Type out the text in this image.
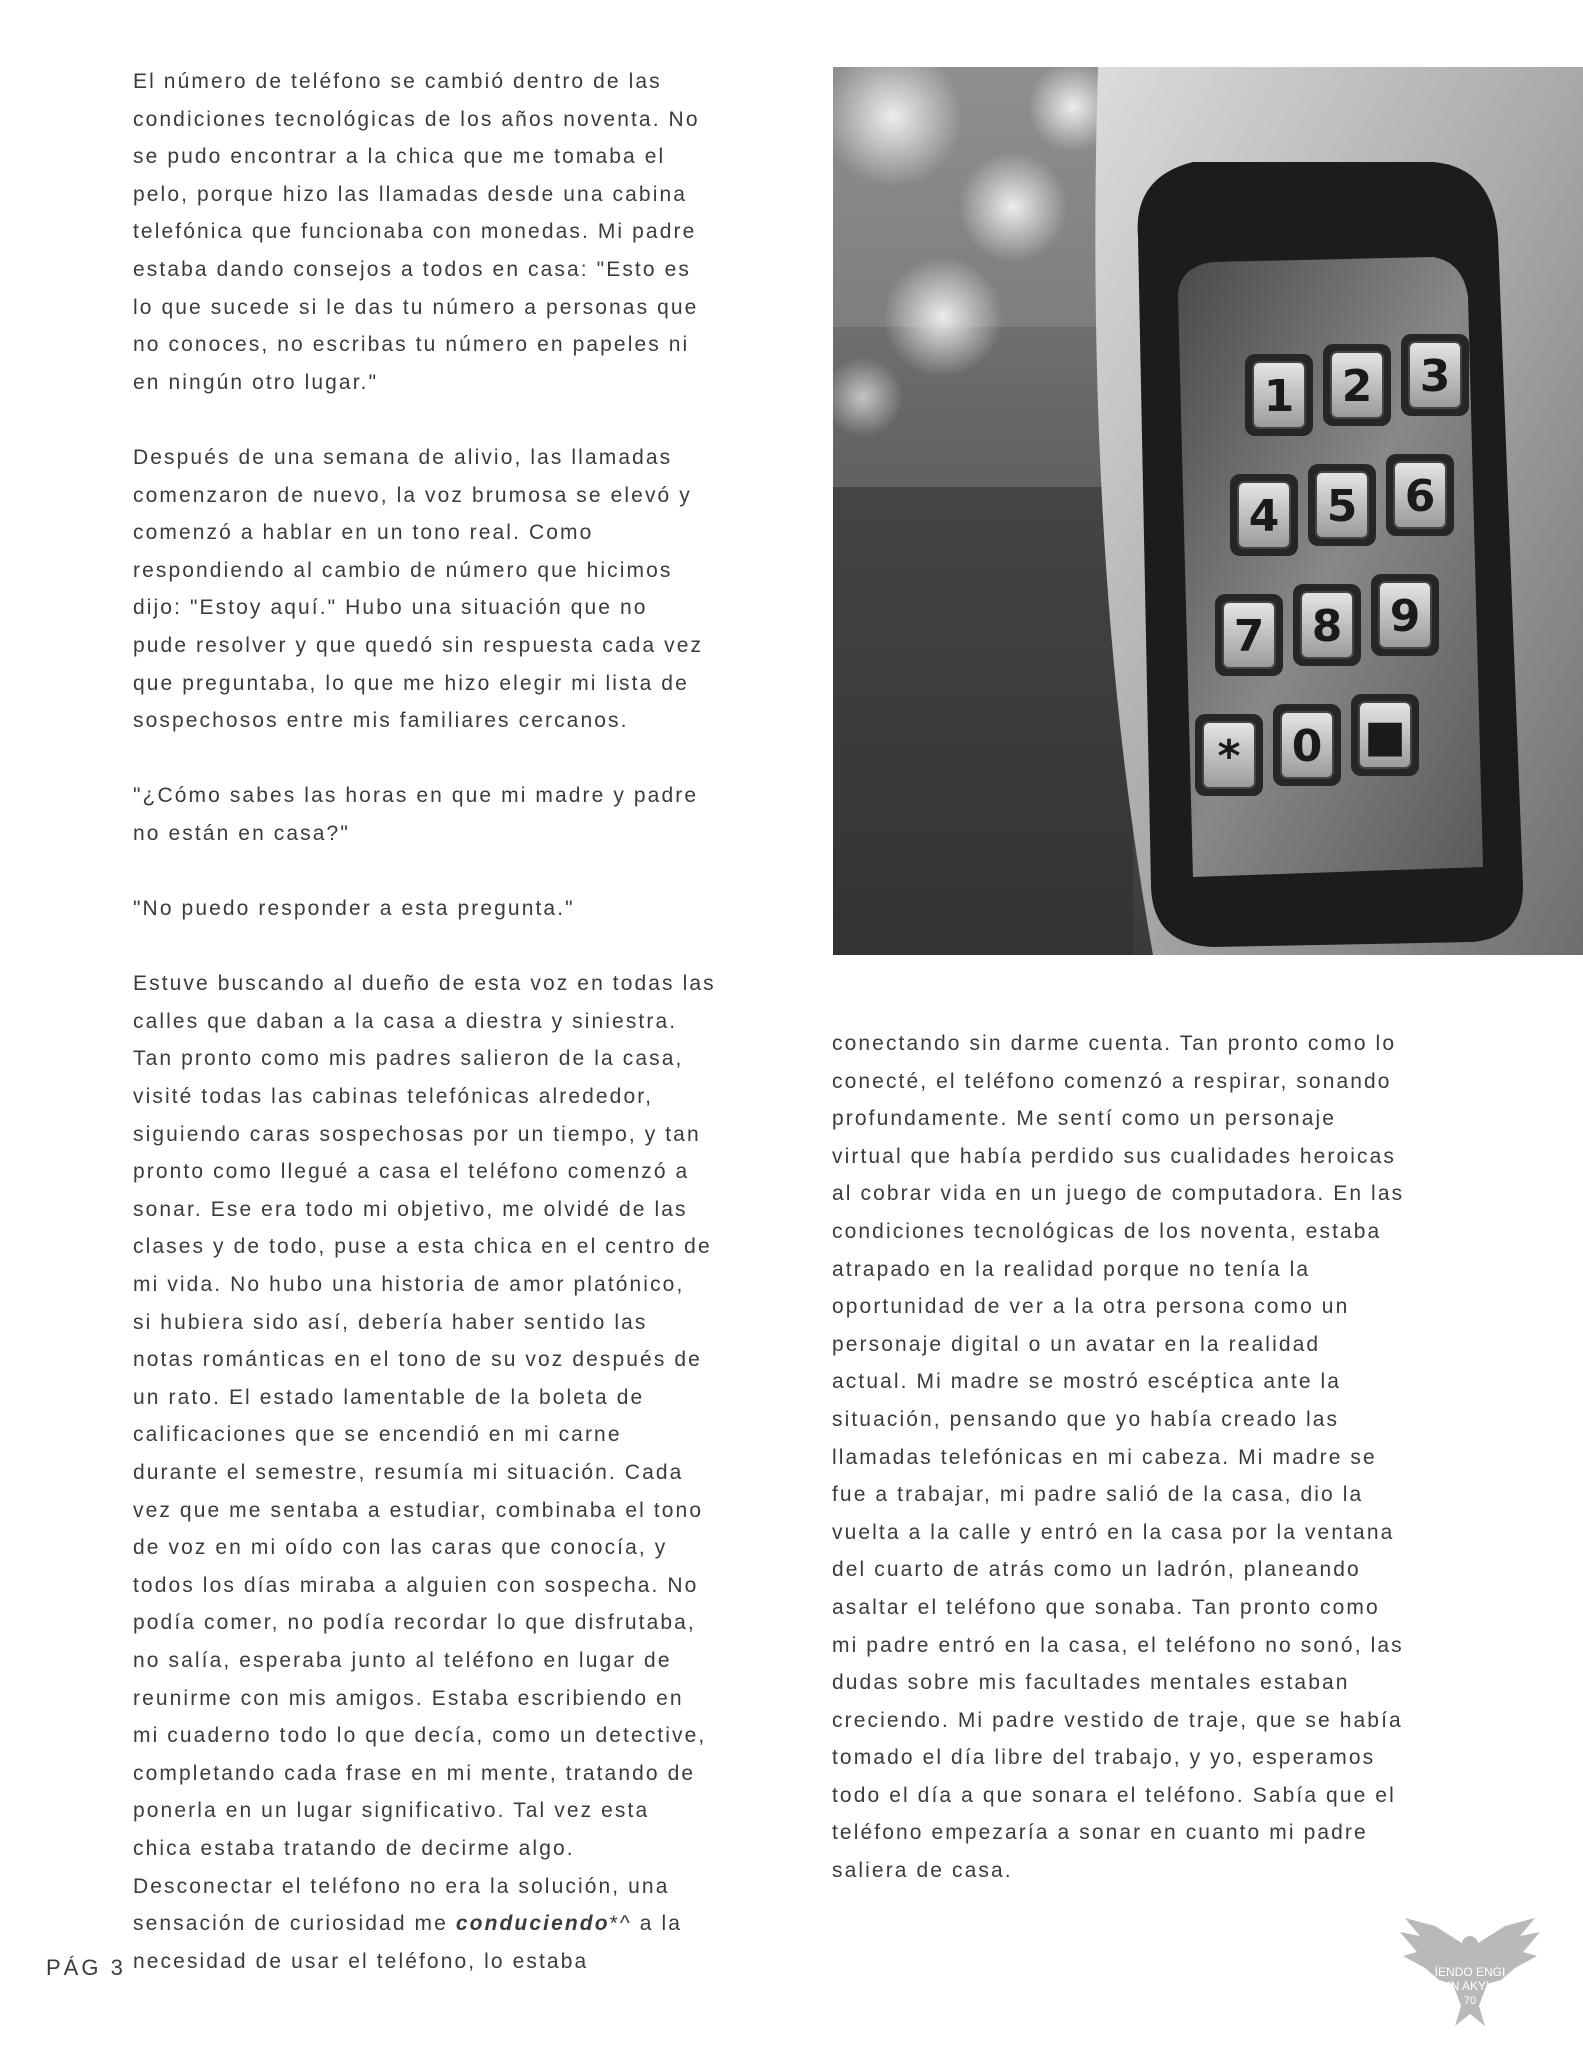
El número de teléfono se cambió dentro de las
condiciones tecnológicas de los años noventa. No
se pudo encontrar a la chica que me tomaba el
pelo, porque hizo las llamadas desde una cabina
telefónica que funcionaba con monedas. Mi padre
estaba dando consejos a todos en casa: "Esto es
lo que sucede si le das tu número a personas que
no conoces, no escribas tu número en papeles ni
en ningún otro lugar."

Después de una semana de alivio, las llamadas
comenzaron de nuevo, la voz brumosa se elevó y
comenzó a hablar en un tono real. Como
respondiendo al cambio de número que hicimos
dijo: "Estoy aquí." Hubo una situación que no
pude resolver y que quedó sin respuesta cada vez
que preguntaba, lo que me hizo elegir mi lista de
sospechosos entre mis familiares cercanos.

"¿Cómo sabes las horas en que mi madre y padre
no están en casa?"

"No puedo responder a esta pregunta."

Estuve buscando al dueño de esta voz en todas las
calles que daban a la casa a diestra y siniestra.
Tan pronto como mis padres salieron de la casa,
visité todas las cabinas telefónicas alrededor,
siguiendo caras sospechosas por un tiempo, y tan
pronto como llegué a casa el teléfono comenzó a
sonar. Ese era todo mi objetivo, me olvidé de las
clases y de todo, puse a esta chica en el centro de
mi vida. No hubo una historia de amor platónico,
si hubiera sido así, debería haber sentido las
notas románticas en el tono de su voz después de
un rato. El estado lamentable de la boleta de
calificaciones que se encendió en mi carne
durante el semestre, resumía mi situación. Cada
vez que me sentaba a estudiar, combinaba el tono
de voz en mi oído con las caras que conocía, y
todos los días miraba a alguien con sospecha. No
podía comer, no podía recordar lo que disfrutaba,
no salía, esperaba junto al teléfono en lugar de
reunirme con mis amigos. Estaba escribiendo en
mi cuaderno todo lo que decía, como un detective,
completando cada frase en mi mente, tratando de
ponerla en un lugar significativo. Tal vez esta
chica estaba tratando de decirme algo.
Desconectar el teléfono no era la solución, una
sensación de curiosidad me conduciendo*^ a la
necesidad de usar el teléfono, lo estaba

1 2 3
4 5 6
7 8 9
* 0 ■

conectando sin darme cuenta. Tan pronto como lo
conecté, el teléfono comenzó a respirar, sonando
profundamente. Me sentí como un personaje
virtual que había perdido sus cualidades heroicas
al cobrar vida en un juego de computadora. En las
condiciones tecnológicas de los noventa, estaba
atrapado en la realidad porque no tenía la
oportunidad de ver a la otra persona como un
personaje digital o un avatar en la realidad
actual. Mi madre se mostró escéptica ante la
situación, pensando que yo había creado las
llamadas telefónicas en mi cabeza. Mi madre se
fue a trabajar, mi padre salió de la casa, dio la
vuelta a la calle y entró en la casa por la ventana
del cuarto de atrás como un ladrón, planeando
asaltar el teléfono que sonaba. Tan pronto como
mi padre entró en la casa, el teléfono no sonó, las
dudas sobre mis facultades mentales estaban
creciendo. Mi padre vestido de traje, que se había
tomado el día libre del trabajo, y yo, esperamos
todo el día a que sonara el teléfono. Sabía que el
teléfono empezaría a sonar en cuanto mi padre
saliera de casa.

PÁG 3	ÍENDO ENGI
IN AKYL
70
